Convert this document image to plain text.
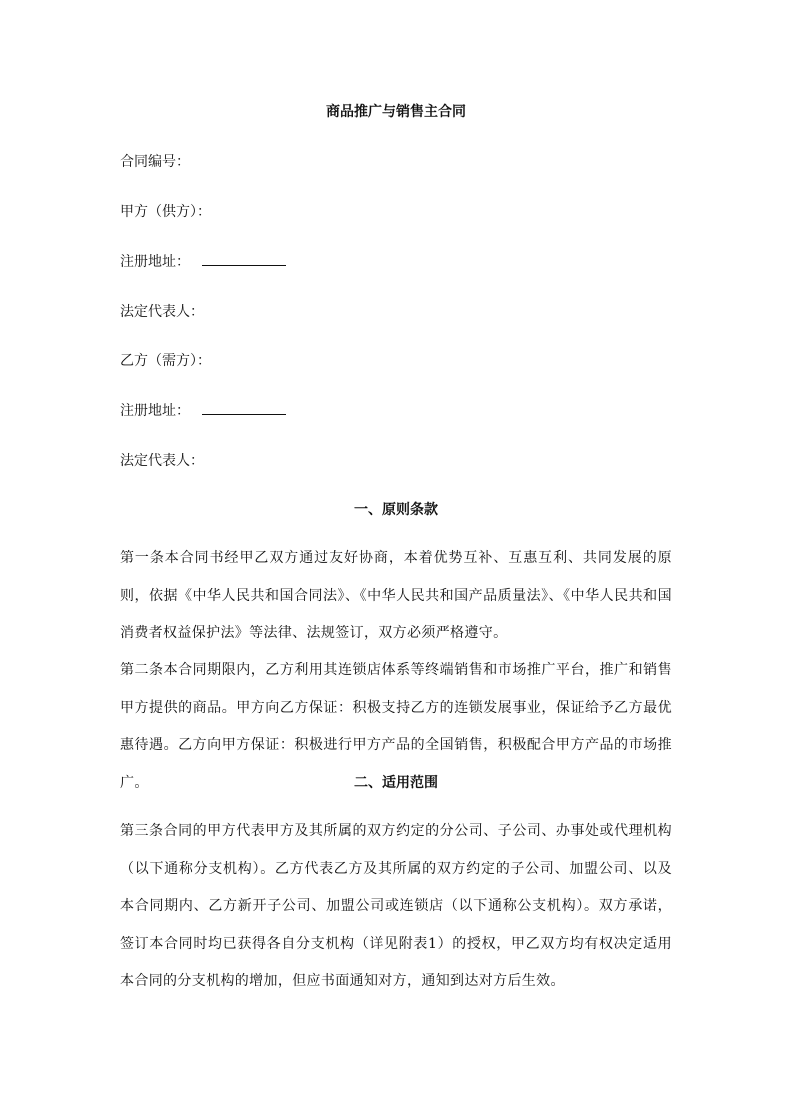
商品推广与销售主合同
合同编号：
甲方（供方）：
注册地址：
法定代表人：
乙方（需方）：
注册地址：
法定代表人：
一、原则条款
第一条本合同书经甲乙双方通过友好协商，本着优势互补、互惠互利、共同发展的原则，依据《中华人民共和国合同法》、《中华人民共和国产品质量法》、《中华人民共和国消费者权益保护法》等法律、法规签订，双方必须严格遵守。
第二条本合同期限内，乙方利用其连锁店体系等终端销售和市场推广平台，推广和销售甲方提供的商品。甲方向乙方保证：积极支持乙方的连锁发展事业，保证给予乙方最优惠待遇。乙方向甲方保证：积极进行甲方产品的全国销售，积极配合甲方产品的市场推广。	二、适用范围
第三条合同的甲方代表甲方及其所属的双方约定的分公司、子公司、办事处或代理机构（以下通称分支机构）。乙方代表乙方及其所属的双方约定的子公司、加盟公司、以及本合同期内、乙方新开子公司、加盟公司或连锁店（以下通称公支机构）。双方承诺，签订本合同时均已获得各自分支机构（详见附表1）的授权，甲乙双方均有权决定适用本合同的分支机构的增加，但应书面通知对方，通知到达对方后生效。
